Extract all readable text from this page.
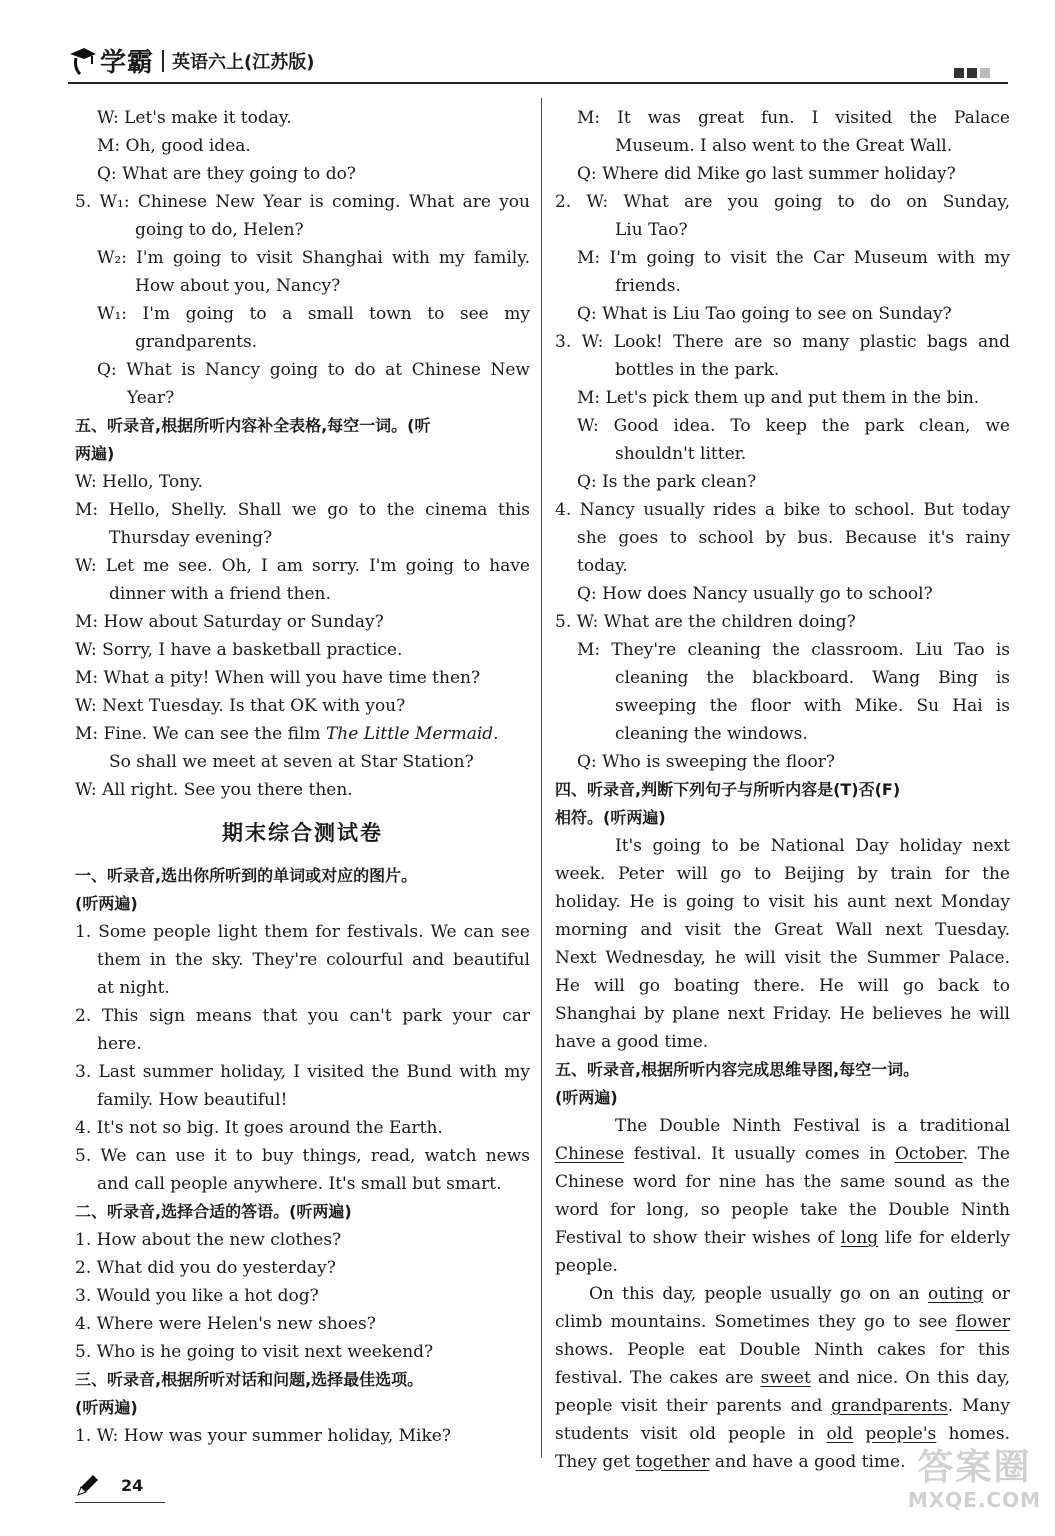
学霸 英语六上(江苏版)
W: Let's make it today.
M: Oh, good idea.
Q: What are they going to do?
5. W₁: Chinese New Year is coming. What are you
going to do, Helen?
W₂: I'm going to visit Shanghai with my family.
How about you, Nancy?
W₁: I'm going to a small town to see my
grandparents.
Q: What is Nancy going to do at Chinese New
Year?
五、听录音,根据所听内容补全表格,每空一词。(听
两遍)
W: Hello, Tony.
M: Hello, Shelly. Shall we go to the cinema this
Thursday evening?
W: Let me see. Oh, I am sorry. I'm going to have
dinner with a friend then.
M: How about Saturday or Sunday?
W: Sorry, I have a basketball practice.
M: What a pity! When will you have time then?
W: Next Tuesday. Is that OK with you?
M: Fine. We can see the film The Little Mermaid.
So shall we meet at seven at Star Station?
W: All right. See you there then.
期末综合测试卷
一、听录音,选出你所听到的单词或对应的图片。
(听两遍)
1. Some people light them for festivals. We can see
them in the sky. They're colourful and beautiful
at night.
2. This sign means that you can't park your car
here.
3. Last summer holiday, I visited the Bund with my
family. How beautiful!
4. It's not so big. It goes around the Earth.
5. We can use it to buy things, read, watch news
and call people anywhere. It's small but smart.
二、听录音,选择合适的答语。(听两遍)
1. How about the new clothes?
2. What did you do yesterday?
3. Would you like a hot dog?
4. Where were Helen's new shoes?
5. Who is he going to visit next weekend?
三、听录音,根据所听对话和问题,选择最佳选项。
(听两遍)
1. W: How was your summer holiday, Mike?
M: It was great fun. I visited the Palace
Museum. I also went to the Great Wall.
Q: Where did Mike go last summer holiday?
2. W: What are you going to do on Sunday,
Liu Tao?
M: I'm going to visit the Car Museum with my
friends.
Q: What is Liu Tao going to see on Sunday?
3. W: Look! There are so many plastic bags and
bottles in the park.
M: Let's pick them up and put them in the bin.
W: Good idea. To keep the park clean, we
shouldn't litter.
Q: Is the park clean?
4. Nancy usually rides a bike to school. But today
she goes to school by bus. Because it's rainy
today.
Q: How does Nancy usually go to school?
5. W: What are the children doing?
M: They're cleaning the classroom. Liu Tao is
cleaning the blackboard. Wang Bing is
sweeping the floor with Mike. Su Hai is
cleaning the windows.
Q: Who is sweeping the floor?
四、听录音,判断下列句子与所听内容是(T)否(F)
相符。(听两遍)
It's going to be National Day holiday next
week. Peter will go to Beijing by train for the
holiday. He is going to visit his aunt next Monday
morning and visit the Great Wall next Tuesday.
Next Wednesday, he will visit the Summer Palace.
He will go boating there. He will go back to
Shanghai by plane next Friday. He believes he will
have a good time.
五、听录音,根据所听内容完成思维导图,每空一词。
(听两遍)
The Double Ninth Festival is a traditional
Chinese festival. It usually comes in October. The
Chinese word for nine has the same sound as the
word for long, so people take the Double Ninth
Festival to show their wishes of long life for elderly
people.
On this day, people usually go on an outing or
climb mountains. Sometimes they go to see flower
shows. People eat Double Ninth cakes for this
festival. The cakes are sweet and nice. On this day,
people visit their parents and grandparents. Many
students visit old people in old people's homes.
They get together and have a good time.
24	答案圈
MXQE.COM
